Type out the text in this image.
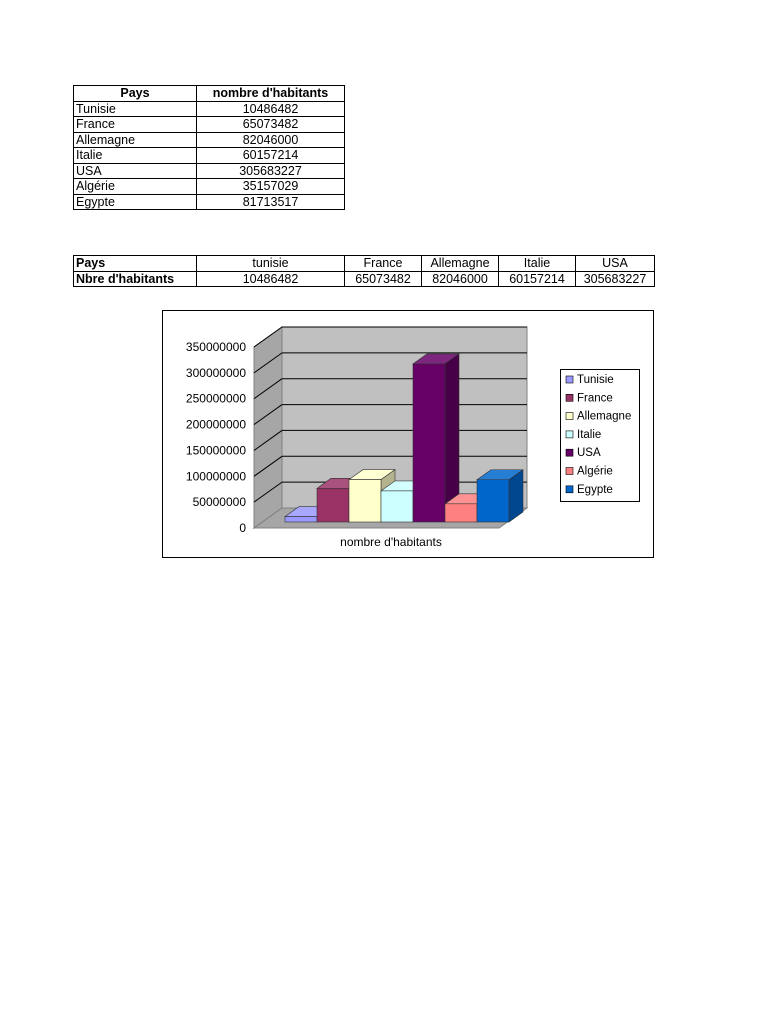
Pays	nombre d'habitants
Tunisie	10486482
France	65073482
Allemagne	82046000
Italie	60157214
USA	305683227
Algérie	35157029
Egypte	81713517
Pays	tunisie	France	Allemagne	Italie	USA
Nbre d'habitants	10486482	65073482	82046000	60157214	305683227
350000000
300000000
250000000
200000000
150000000
100000000
50000000
0
nombre d'habitants
Tunisie
France
Allemagne
Italie
USA
Algérie
Egypte
